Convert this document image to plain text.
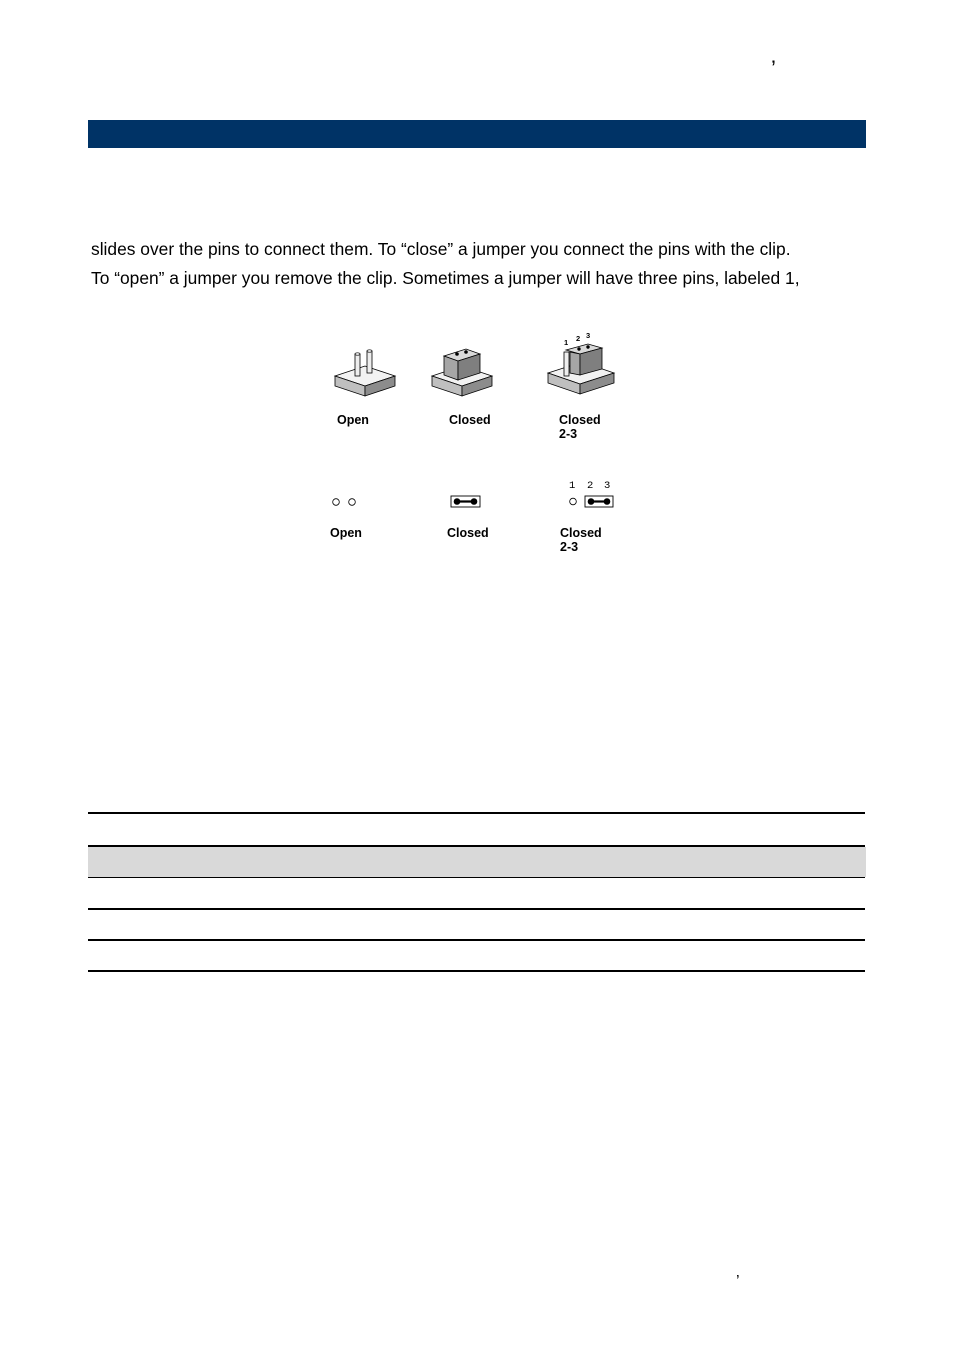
’
’
slides over the pins to connect them. To “close” a jumper you connect the pins with the clip.
To “open” a jumper you remove the clip. Sometimes a jumper will have three pins, labeled 1,
Open	Closed
1 2 3
Closed 2-3
Open	Closed
1 2 3
Closed 2-3
